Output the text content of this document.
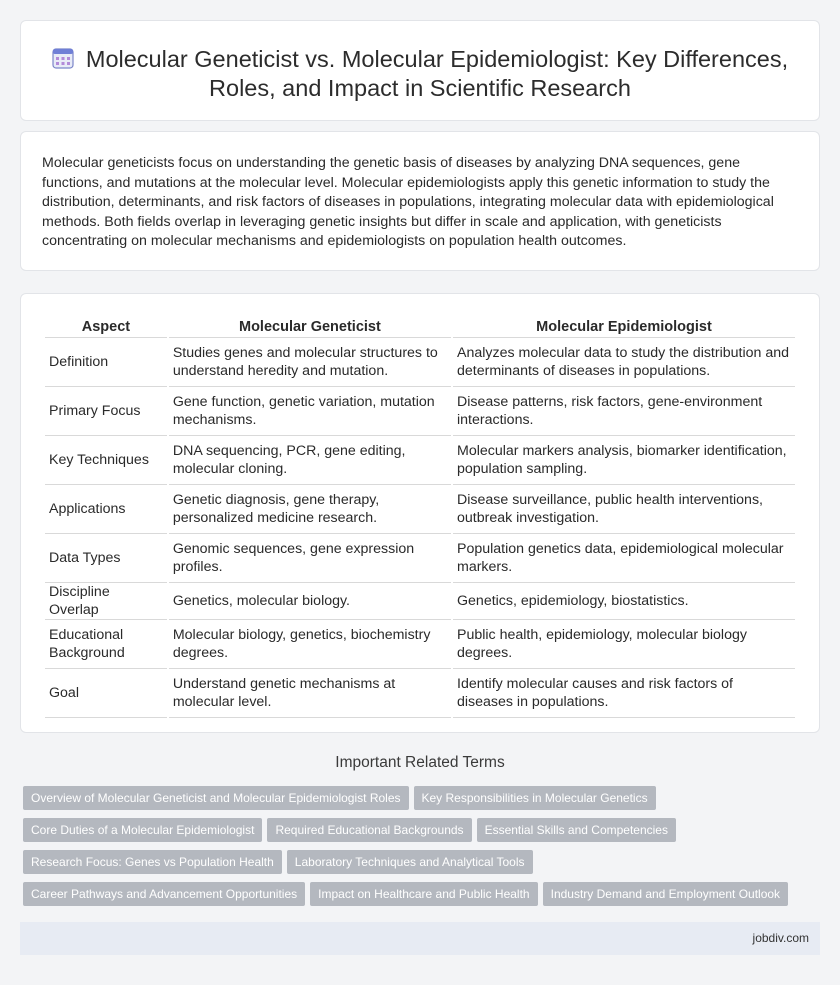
Molecular Geneticist vs. Molecular Epidemiologist: Key Differences, Roles, and Impact in Scientific Research

Molecular geneticists focus on understanding the genetic basis of diseases by analyzing DNA sequences, gene functions, and mutations at the molecular level. Molecular epidemiologists apply this genetic information to study the distribution, determinants, and risk factors of diseases in populations, integrating molecular data with epidemiological methods. Both fields overlap in leveraging genetic insights but differ in scale and application, with geneticists concentrating on molecular mechanisms and epidemiologists on population health outcomes.

Aspect	Molecular Geneticist	Molecular Epidemiologist
Definition	Studies genes and molecular structures to understand heredity and mutation.	Analyzes molecular data to study the distribution and determinants of diseases in populations.
Primary Focus	Gene function, genetic variation, mutation mechanisms.	Disease patterns, risk factors, gene-environment interactions.
Key Techniques	DNA sequencing, PCR, gene editing, molecular cloning.	Molecular markers analysis, biomarker identification, population sampling.
Applications	Genetic diagnosis, gene therapy, personalized medicine research.	Disease surveillance, public health interventions, outbreak investigation.
Data Types	Genomic sequences, gene expression profiles.	Population genetics data, epidemiological molecular markers.
Discipline Overlap	Genetics, molecular biology.	Genetics, epidemiology, biostatistics.
Educational Background	Molecular biology, genetics, biochemistry degrees.	Public health, epidemiology, molecular biology degrees.
Goal	Understand genetic mechanisms at molecular level.	Identify molecular causes and risk factors of diseases in populations.
Important Related Terms
Overview of Molecular Geneticist and Molecular Epidemiologist Roles Key Responsibilities in Molecular Genetics
Core Duties of a Molecular Epidemiologist Required Educational Backgrounds Essential Skills and Competencies
Research Focus: Genes vs Population Health Laboratory Techniques and Analytical Tools
Career Pathways and Advancement Opportunities Impact on Healthcare and Public Health Industry Demand and Employment Outlook
jobdiv.com
